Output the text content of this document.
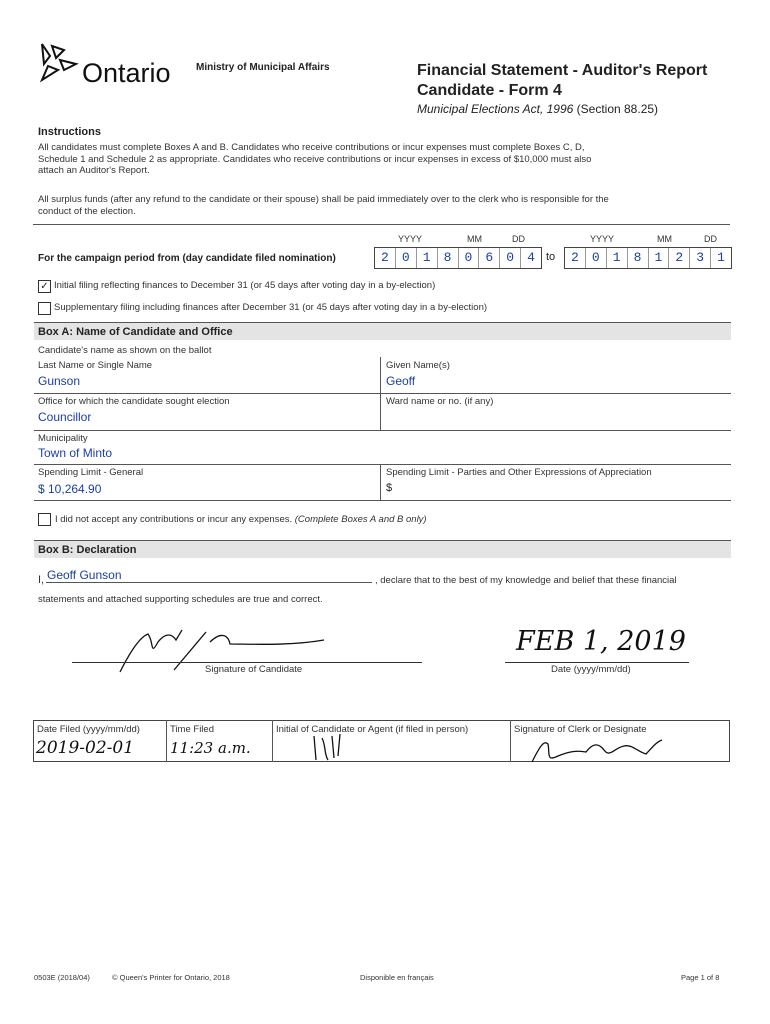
Ontario	Ministry of Municipal Affairs	Financial Statement - Auditor's Report
Candidate - Form 4
Municipal Elections Act, 1996 (Section 88.25)
Instructions
All candidates must complete Boxes A and B. Candidates who receive contributions or incur expenses must complete Boxes C, D,
Schedule 1 and Schedule 2 as appropriate. Candidates who receive contributions or incur expenses in excess of $10,000 must also
attach an Auditor's Report.
All surplus funds (after any refund to the candidate or their spouse) shall be paid immediately over to the clerk who is responsible for the
conduct of the election.
YYYY	MM	DD	YYYY	MM	DD
For the campaign period from (day candidate filed nomination)	2	0	1	8	0	6	0	4	to	2	0	1	8	1	2	3	1
✓ Initial filing reflecting finances to December 31 (or 45 days after voting day in a by-election)
Supplementary filing including finances after December 31 (or 45 days after voting day in a by-election)
Box A: Name of Candidate and Office
Candidate's name as shown on the ballot
Last Name or Single Name
Gunson
Given Name(s)
Geoff
Office for which the candidate sought election
Councillor
Ward name or no. (if any)
Municipality
Town of Minto
Spending Limit - General
$ 10,264.90
Spending Limit - Parties and Other Expressions of Appreciation
$
I did not accept any contributions or incur any expenses. (Complete Boxes A and B only)
Box B: Declaration
I, Geoff Gunson	, declare that to the best of my knowledge and belief that these financial
statements and attached supporting schedules are true and correct.
Signature of Candidate
FEB 1, 2019
Date (yyyy/mm/dd)
Date Filed (yyyy/mm/dd)
2019-02-01
Time Filed
11:23 a.m.
Initial of Candidate or Agent (if filed in person)	Signature of Clerk or Designate
0503E (2018/04)	© Queen's Printer for Ontario, 2018	Disponible en français	Page 1 of 8
